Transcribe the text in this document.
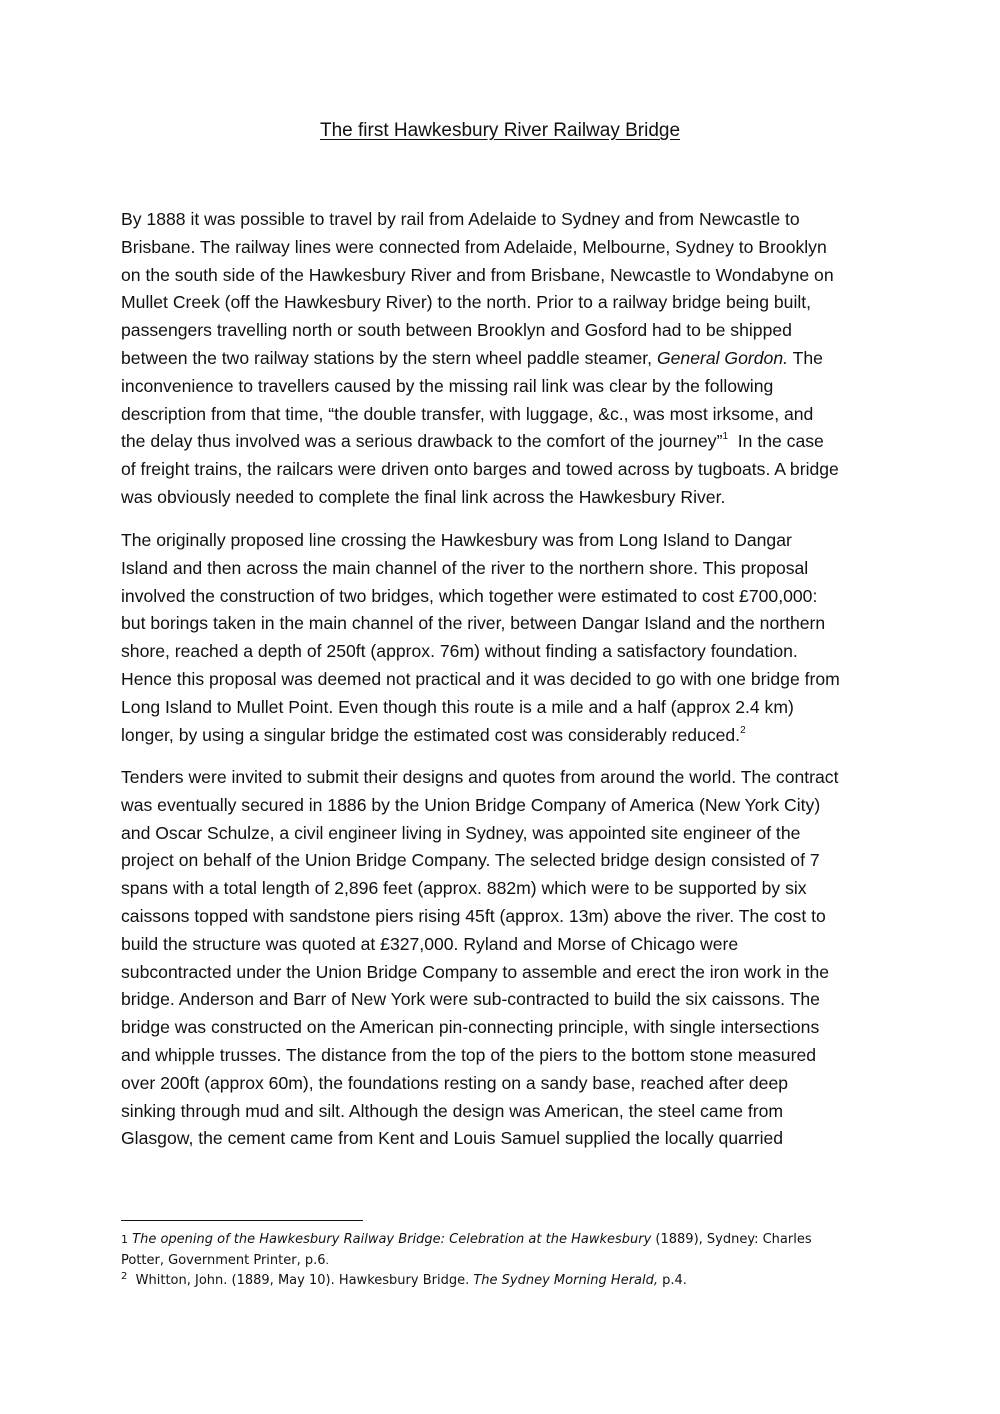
The first Hawkesbury River Railway Bridge

By 1888 it was possible to travel by rail from Adelaide to Sydney and from Newcastle to
Brisbane. The railway lines were connected from Adelaide, Melbourne, Sydney to Brooklyn
on the south side of the Hawkesbury River and from Brisbane, Newcastle to Wondabyne on
Mullet Creek (off the Hawkesbury River) to the north. Prior to a railway bridge being built,
passengers travelling north or south between Brooklyn and Gosford had to be shipped
between the two railway stations by the stern wheel paddle steamer, General Gordon. The
inconvenience to travellers caused by the missing rail link was clear by the following
description from that time, “the double transfer, with luggage, &c., was most irksome, and
the delay thus involved was a serious drawback to the comfort of the journey”$^1$  In the case
of freight trains, the railcars were driven onto barges and towed across by tugboats. A bridge
was obviously needed to complete the final link across the Hawkesbury River.

The originally proposed line crossing the Hawkesbury was from Long Island to Dangar
Island and then across the main channel of the river to the northern shore. This proposal
involved the construction of two bridges, which together were estimated to cost £700,000:
but borings taken in the main channel of the river, between Dangar Island and the northern
shore, reached a depth of 250ft (approx. 76m) without finding a satisfactory foundation.
Hence this proposal was deemed not practical and it was decided to go with one bridge from
Long Island to Mullet Point. Even though this route is a mile and a half (approx 2.4 km)
longer, by using a singular bridge the estimated cost was considerably reduced.$^2$

Tenders were invited to submit their designs and quotes from around the world. The contract
was eventually secured in 1886 by the Union Bridge Company of America (New York City)
and Oscar Schulze, a civil engineer living in Sydney, was appointed site engineer of the
project on behalf of the Union Bridge Company. The selected bridge design consisted of 7
spans with a total length of 2,896 feet (approx. 882m) which were to be supported by six
caissons topped with sandstone piers rising 45ft (approx. 13m) above the river. The cost to
build the structure was quoted at £327,000. Ryland and Morse of Chicago were
subcontracted under the Union Bridge Company to assemble and erect the iron work in the
bridge. Anderson and Barr of New York were sub-contracted to build the six caissons. The
bridge was constructed on the American pin-connecting principle, with single intersections
and whipple trusses. The distance from the top of the piers to the bottom stone measured
over 200ft (approx 60m), the foundations resting on a sandy base, reached after deep
sinking through mud and silt. Although the design was American, the steel came from
Glasgow, the cement came from Kent and Louis Samuel supplied the locally quarried

1 The opening of the Hawkesbury Railway Bridge: Celebration at the Hawkesbury (1889), Sydney: Charles
Potter, Government Printer, p.6.
$^2$  Whitton, John. (1889, May 10). Hawkesbury Bridge. The Sydney Morning Herald, p.4.
